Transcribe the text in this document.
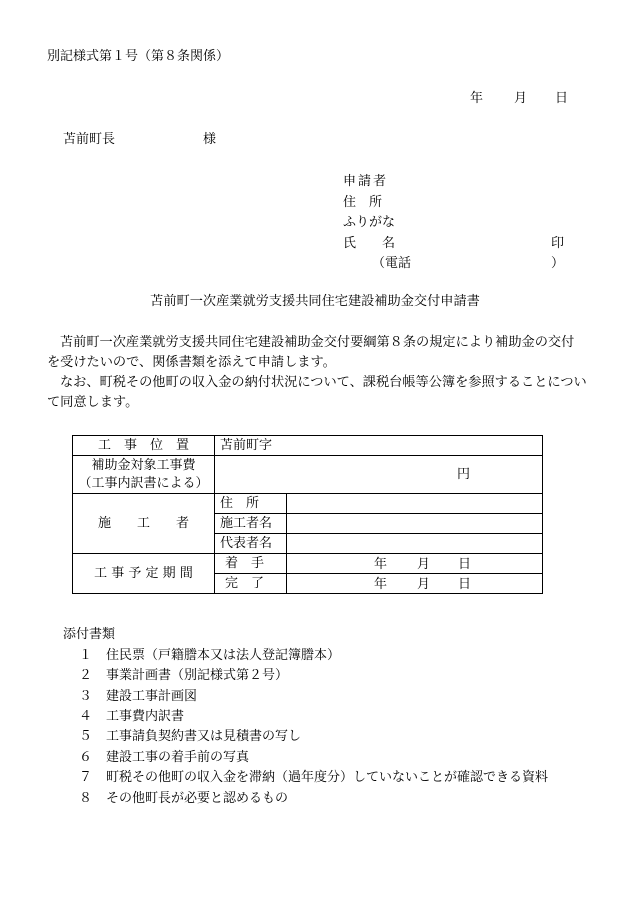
別記様式第１号（第８条関係）
年 月 日
苫前町長	様
申請者
住　所
ふりがな
氏　　名	印
（電話	）
苫前町一次産業就労支援共同住宅建設補助金交付申請書
苫前町一次産業就労支援共同住宅建設補助金交付要綱第８条の規定により補助金の交付を受けたいので、関係書類を添えて申請します。
なお、町税その他町の収入金の納付状況について、課税台帳等公簿を参照することについて同意します。
工　事　位　置	苫前町字	
補助金対象工事費
（工事内訳書による）	円	
施　　工　　者	住　所	
	施工者名	
	代表者名	
工 事 予 定 期 間	着　手	年 月 日

	完　了	年 月 日
添付書類
１ 住民票（戸籍謄本又は法人登記簿謄本）
２ 事業計画書（別記様式第２号）
３ 建設工事計画図
４ 工事費内訳書
５ 工事請負契約書又は見積書の写し
６ 建設工事の着手前の写真
７ 町税その他町の収入金を滞納（過年度分）していないことが確認できる資料
８ その他町長が必要と認めるもの
